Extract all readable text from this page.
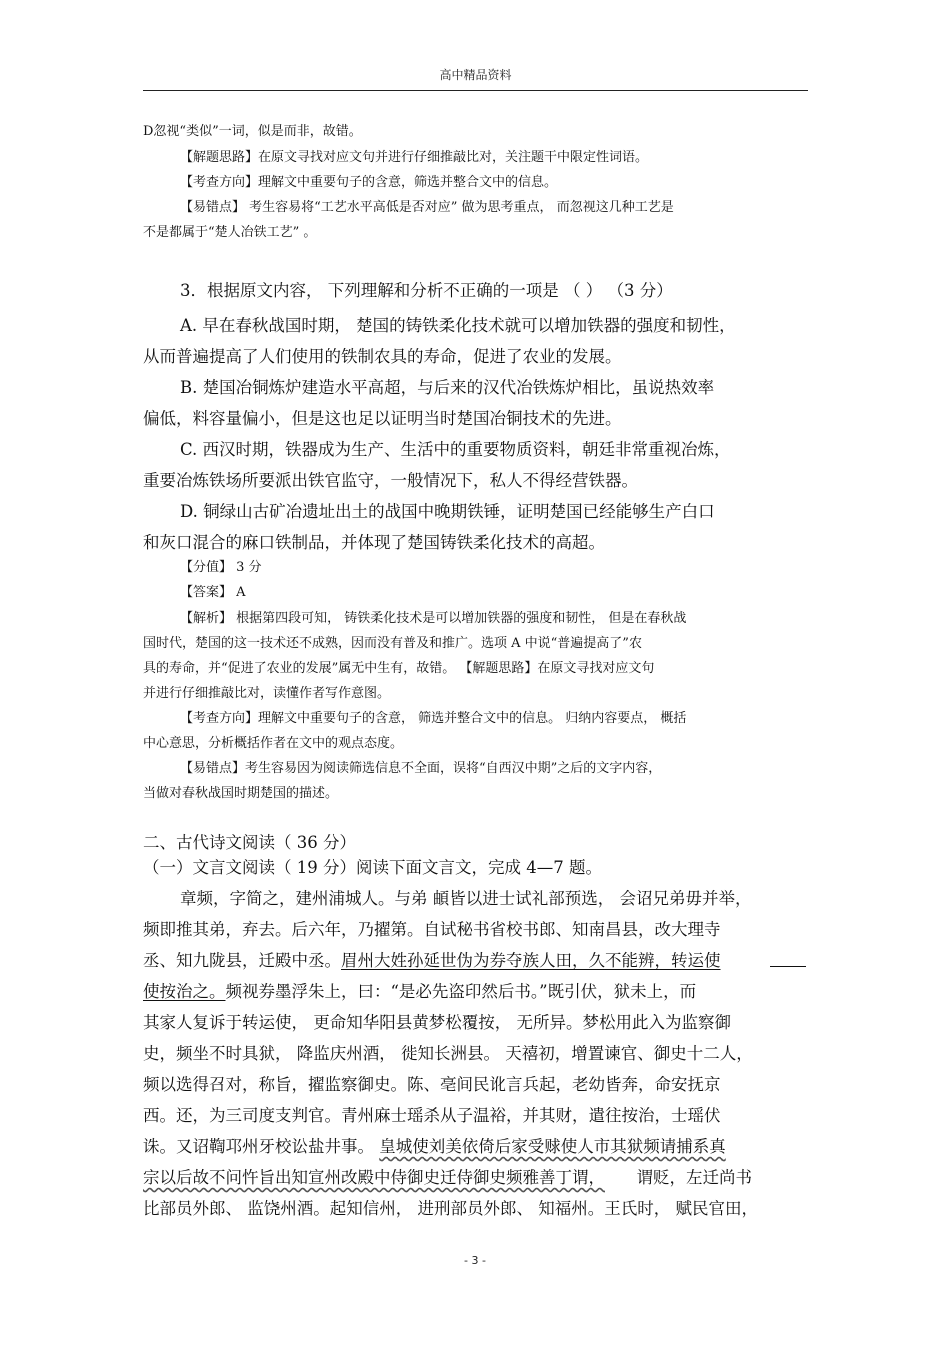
高中精品资料
D忽视“类似”一词，似是而非，故错。
【解题思路】在原文寻找对应文句并进行仔细推敲比对，关注题干中限定性词语。
【考查方向】理解文中重要句子的含意，筛选并整合文中的信息。
【易错点】 考生容易将“工艺水平高低是否对应” 做为思考重点， 而忽视这几种工艺是
不是都属于“楚人冶铁工艺” 。
3．根据原文内容， 下列理解和分析不正确的一项是 （ ） （3 分）
A. 早在春秋战国时期， 楚国的铸铁柔化技术就可以增加铁器的强度和韧性，
从而普遍提高了人们使用的铁制农具的寿命，促进了农业的发展。
B. 楚国冶铜炼炉建造水平高超，与后来的汉代冶铁炼炉相比，虽说热效率
偏低，料容量偏小，但是这也足以证明当时楚国冶铜技术的先进。
C. 西汉时期，铁器成为生产、生活中的重要物质资料，朝廷非常重视冶炼，
重要冶炼铁场所要派出铁官监守，一般情况下，私人不得经营铁器。
D. 铜绿山古矿冶遗址出土的战国中晚期铁锤，证明楚国已经能够生产白口
和灰口混合的麻口铁制品，并体现了楚国铸铁柔化技术的高超。
【分值】 3 分
【答案】 A
【解析】 根据第四段可知， 铸铁柔化技术是可以增加铁器的强度和韧性， 但是在春秋战
国时代，楚国的这一技术还不成熟，因而没有普及和推广。选项 A 中说“普遍提高了”农
具的寿命，并“促进了农业的发展”属无中生有，故错。 【解题思路】在原文寻找对应文句
并进行仔细推敲比对，读懂作者写作意图。
【考查方向】理解文中重要句子的含意， 筛选并整合文中的信息。 归纳内容要点， 概括
中心意思，分析概括作者在文中的观点态度。
【易错点】考生容易因为阅读筛选信息不全面，误将“自西汉中期”之后的文字内容，
当做对春秋战国时期楚国的描述。
二、古代诗文阅读（ 36 分）
（一）文言文阅读（ 19 分）阅读下面文言文，完成 4—7 题。
章频，字简之，建州浦城人。与弟 頔皆以进士试礼部预选， 会诏兄弟毋并举，
频即推其弟，弃去。后六年，乃擢第。自试秘书省校书郎、知南昌县，改大理寺
丞、知九陇县，迁殿中丞。眉州大姓孙延世伪为券夺族人田，久不能辨，转运使
使按治之。频视券墨浮朱上，曰：“是必先盗印然后书。”既引伏，狱未上，而
其家人复诉于转运使， 更命知华阳县黄梦松覆按， 无所异。梦松用此入为监察御
史，频坐不时具狱， 降监庆州酒， 徙知长洲县。 天禧初，增置谏官、御史十二人，
频以选得召对，称旨，擢监察御史。陈、亳间民讹言兵起，老幼皆奔，命安抚京
西。还，为三司度支判官。青州麻士瑶杀从子温裕，并其财，遣往按治，士瑶伏
诛。又诏鞫邛州牙校讼盐井事。 皇城使刘美依倚后家受赇使人市其狱频请捕系真
宗以后故不问忤旨出知宣州改殿中侍御史迁侍御史频雅善丁谓，      谓贬，左迁尚书
比部员外郎、 监饶州酒。起知信州， 进刑部员外郎、 知福州。王氏时， 赋民官田，
- 3 -
